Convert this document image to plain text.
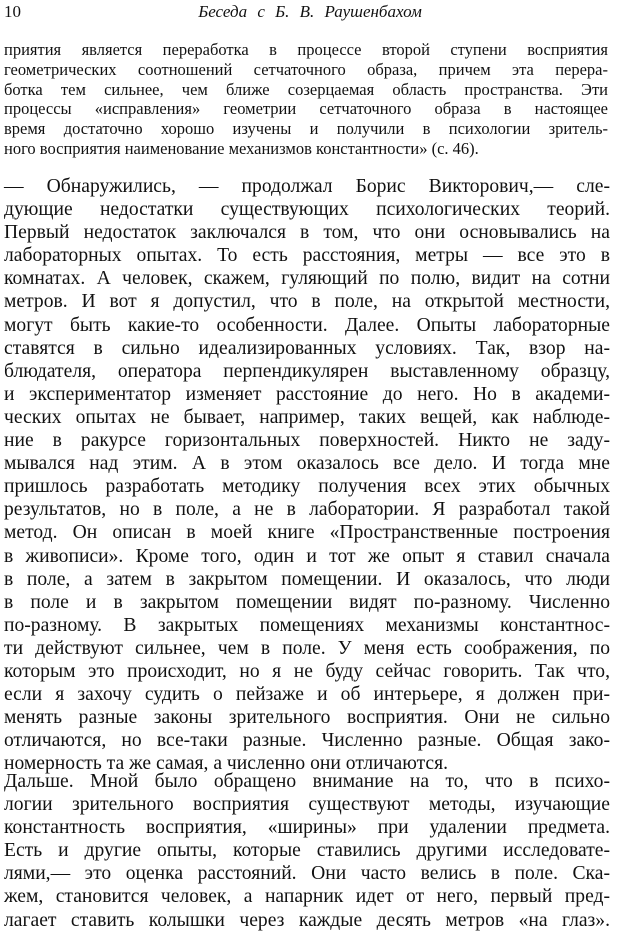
10	Беседа с Б. В. Раушенбахом
приятия является переработка в процессе второй ступени восприятия
геометрических соотношений сетчаточного образа, причем эта перера-
ботка тем сильнее, чем ближе созерцаемая область пространства. Эти
процессы «исправления» геометрии сетчаточного образа в настоящее
время достаточно хорошо изучены и получили в психологии зритель-
ного восприятия наименование механизмов константности» (с. 46).
— Обнаружились, — продолжал Борис Викторович,— сле-
дующие недостатки существующих психологических теорий.
Первый недостаток заключался в том, что они основывались на
лабораторных опытах. То есть расстояния, метры — все это в
комнатах. А человек, скажем, гуляющий по полю, видит на сотни
метров. И вот я допустил, что в поле, на открытой местности,
могут быть какие-то особенности. Далее. Опыты лабораторные
ставятся в сильно идеализированных условиях. Так, взор на-
блюдателя, оператора перпендикулярен выставленному образцу,
и экспериментатор изменяет расстояние до него. Но в академи-
ческих опытах не бывает, например, таких вещей, как наблюде-
ние в ракурсе горизонтальных поверхностей. Никто не заду-
мывался над этим. А в этом оказалось все дело. И тогда мне
пришлось разработать методику получения всех этих обычных
результатов, но в поле, а не в лаборатории. Я разработал такой
метод. Он описан в моей книге «Пространственные построения
в живописи». Кроме того, один и тот же опыт я ставил сначала
в поле, а затем в закрытом помещении. И оказалось, что люди
в поле и в закрытом помещении видят по-разному. Численно
по-разному. В закрытых помещениях механизмы константнос-
ти действуют сильнее, чем в поле. У меня есть соображения, по
которым это происходит, но я не буду сейчас говорить. Так что,
если я захочу судить о пейзаже и об интерьере, я должен при-
менять разные законы зрительного восприятия. Они не сильно
отличаются, но все-таки разные. Численно разные. Общая зако-
номерность та же самая, а численно они отличаются.
Дальше. Мной было обращено внимание на то, что в психо-
логии зрительного восприятия существуют методы, изучающие
константность восприятия, «ширины» при удалении предмета.
Есть и другие опыты, которые ставились другими исследовате-
лями,— это оценка расстояний. Они часто велись в поле. Ска-
жем, становится человек, а напарник идет от него, первый пред-
лагает ставить колышки через каждые десять метров «на глаз».
